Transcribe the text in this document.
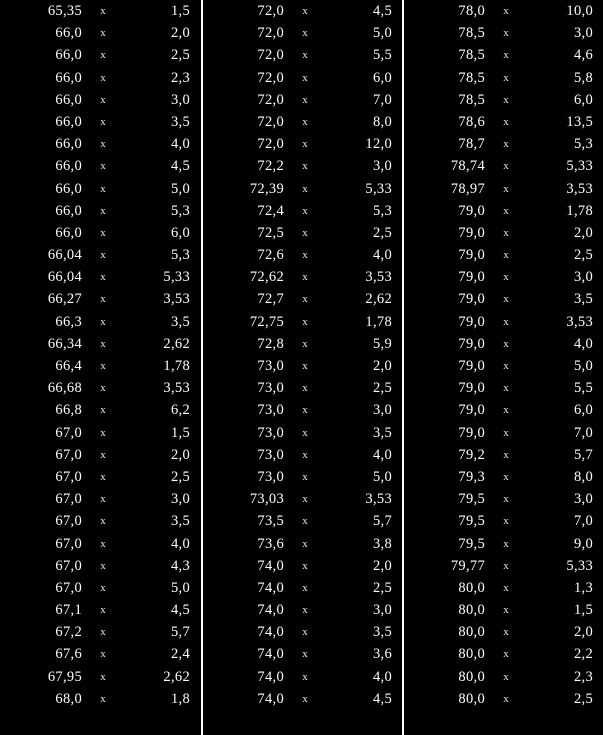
65,35	x	1,5
66,0	x	2,0
66,0	x	2,5
66,0	x	2,3
66,0	x	3,0
66,0	x	3,5
66,0	x	4,0
66,0	x	4,5
66,0	x	5,0
66,0	x	5,3
66,0	x	6,0
66,04	x	5,3
66,04	x	5,33
66,27	x	3,53
66,3	x	3,5
66,34	x	2,62
66,4	x	1,78
66,68	x	3,53
66,8	x	6,2
67,0	x	1,5
67,0	x	2,0
67,0	x	2,5
67,0	x	3,0
67,0	x	3,5
67,0	x	4,0
67,0	x	4,3
67,0	x	5,0
67,1	x	4,5
67,2	x	5,7
67,6	x	2,4
67,95	x	2,62
68,0	x	1,8
72,0	x	4,5
72,0	x	5,0
72,0	x	5,5
72,0	x	6,0
72,0	x	7,0
72,0	x	8,0
72,0	x	12,0
72,2	x	3,0
72,39	x	5,33
72,4	x	5,3
72,5	x	2,5
72,6	x	4,0
72,62	x	3,53
72,7	x	2,62
72,75	x	1,78
72,8	x	5,9
73,0	x	2,0
73,0	x	2,5
73,0	x	3,0
73,0	x	3,5
73,0	x	4,0
73,0	x	5,0
73,03	x	3,53
73,5	x	5,7
73,6	x	3,8
74,0	x	2,0
74,0	x	2,5
74,0	x	3,0
74,0	x	3,5
74,0	x	3,6
74,0	x	4,0
74,0	x	4,5
78,0	x	10,0
78,5	x	3,0
78,5	x	4,6
78,5	x	5,8
78,5	x	6,0
78,6	x	13,5
78,7	x	5,3
78,74	x	5,33
78,97	x	3,53
79,0	x	1,78
79,0	x	2,0
79,0	x	2,5
79,0	x	3,0
79,0	x	3,5
79,0	x	3,53
79,0	x	4,0
79,0	x	5,0
79,0	x	5,5
79,0	x	6,0
79,0	x	7,0
79,2	x	5,7
79,3	x	8,0
79,5	x	3,0
79,5	x	7,0
79,5	x	9,0
79,77	x	5,33
80,0	x	1,3
80,0	x	1,5
80,0	x	2,0
80,0	x	2,2
80,0	x	2,3
80,0	x	2,5
